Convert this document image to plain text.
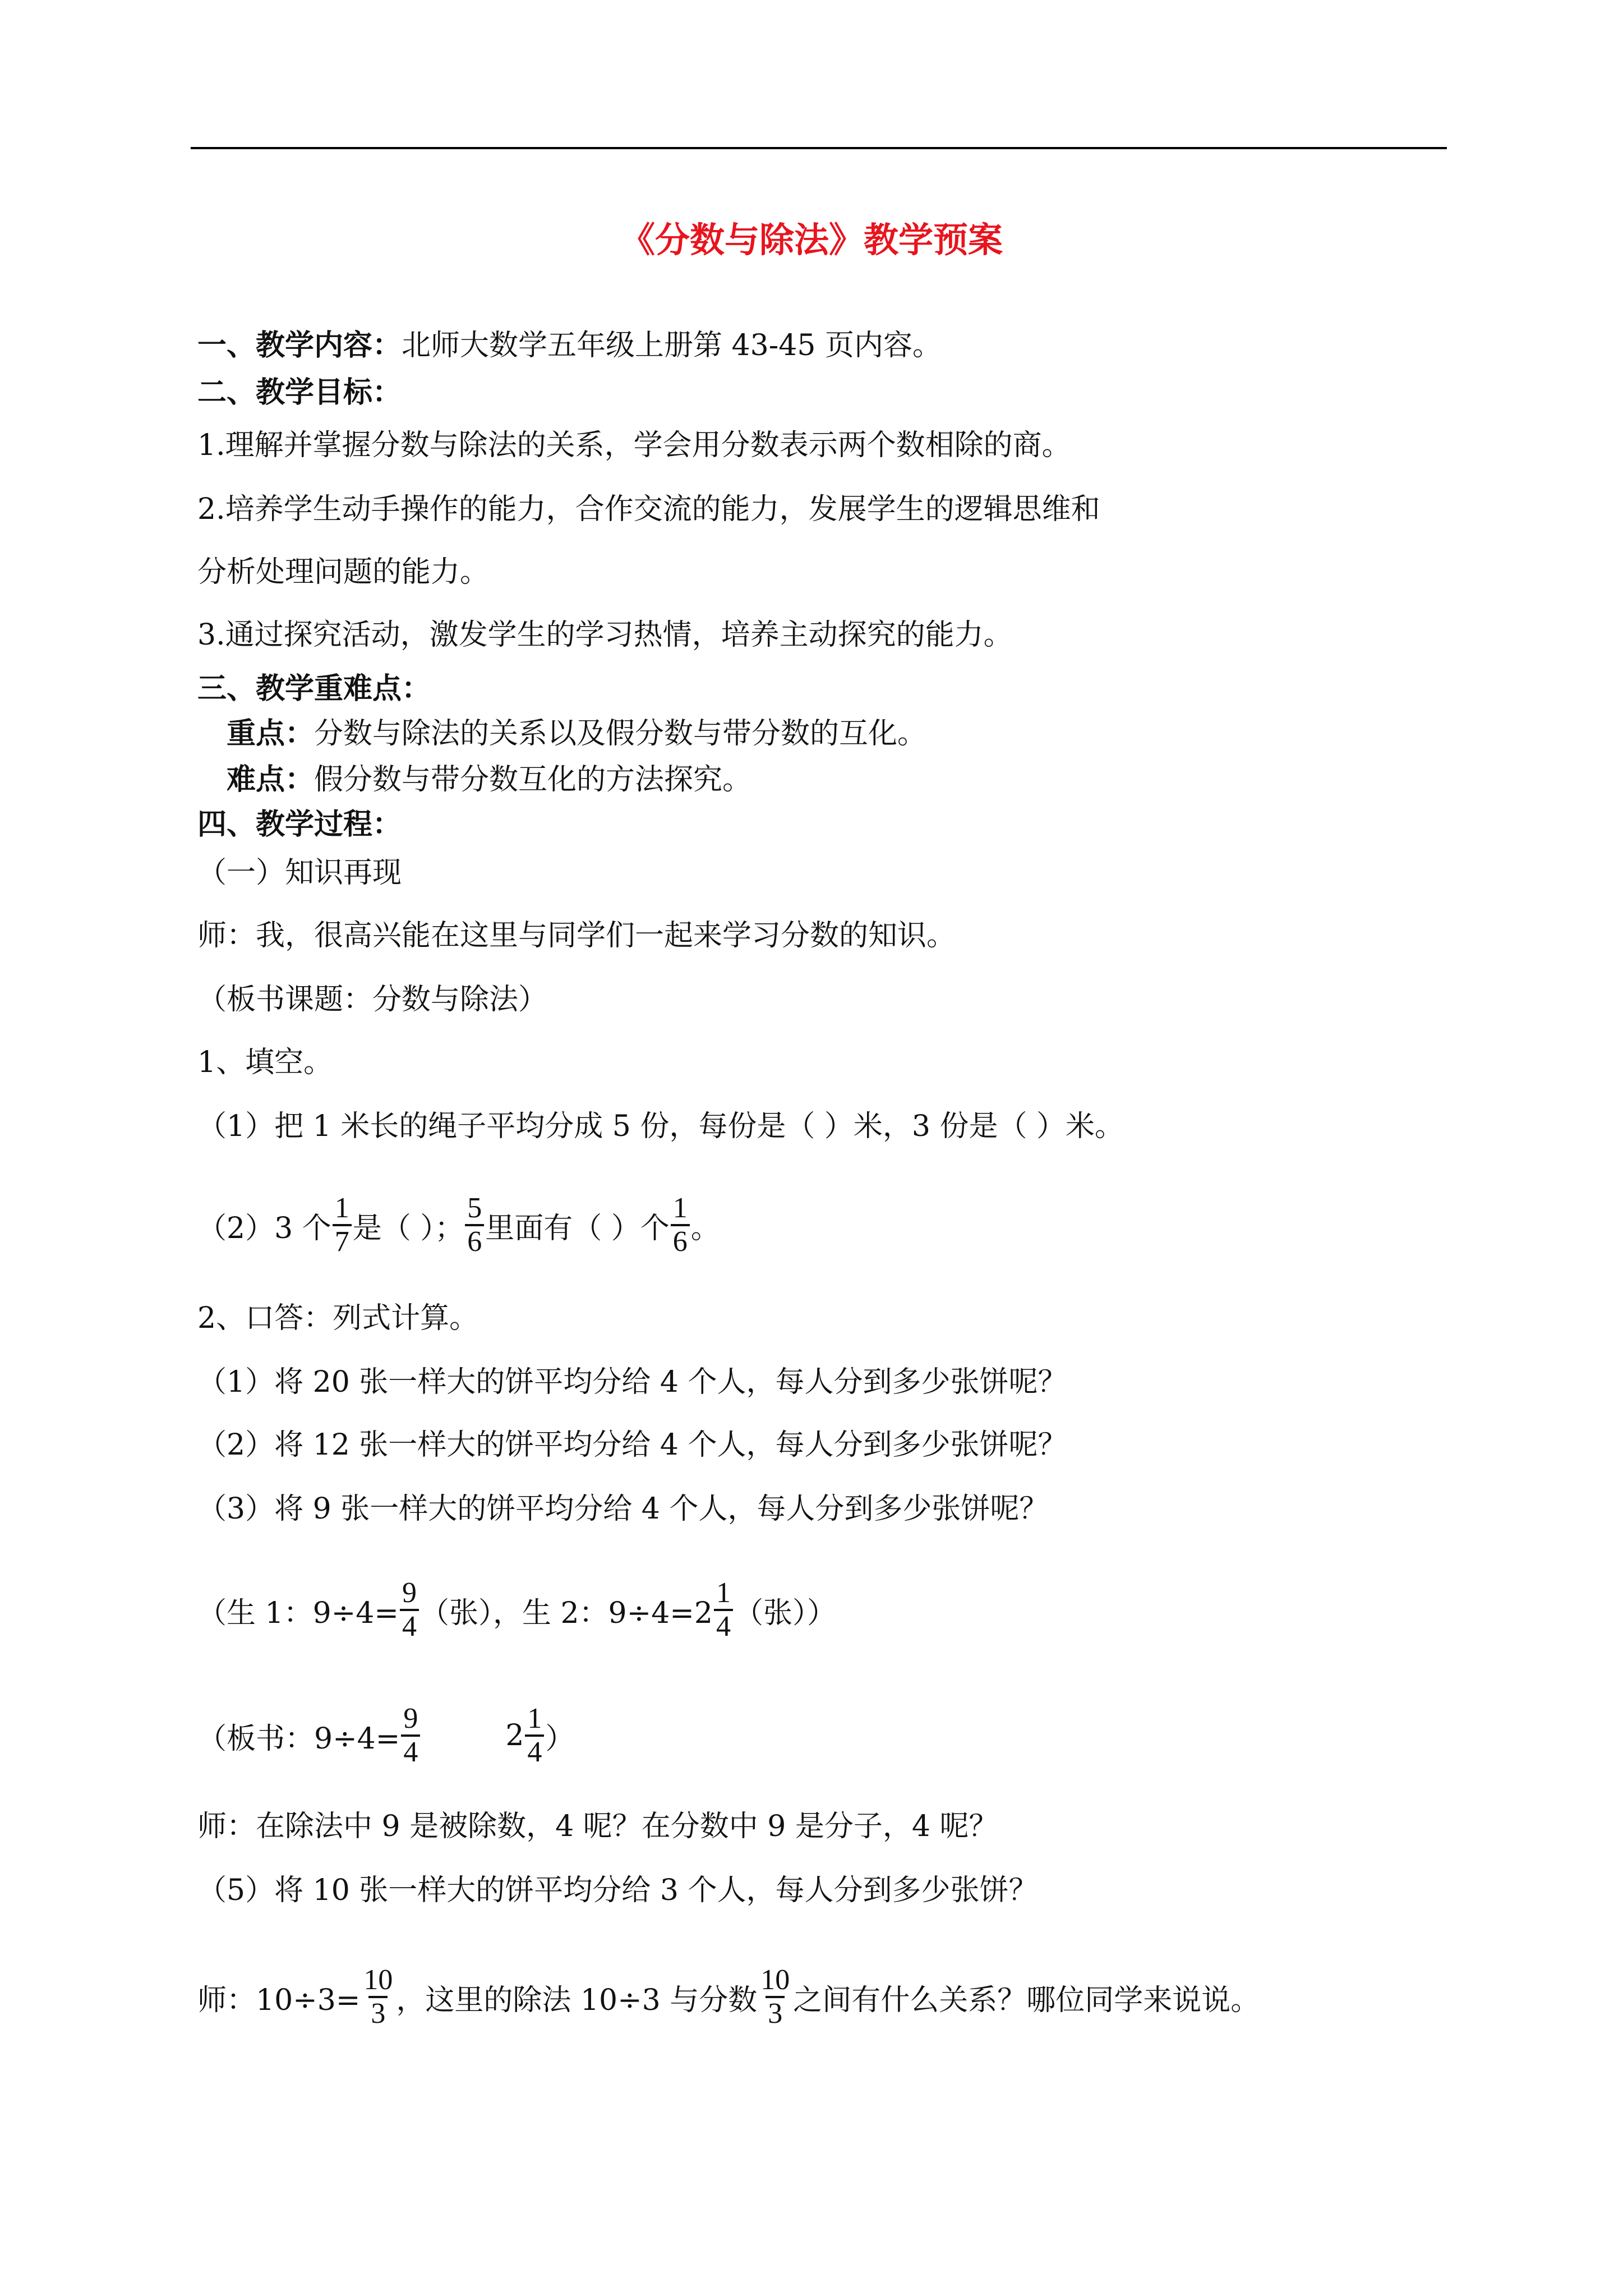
《分数与除法》教学预案
一、教学内容：北师大数学五年级上册第 43-45 页内容。
二、教学目标：
1.理解并掌握分数与除法的关系，学会用分数表示两个数相除的商。
2.培养学生动手操作的能力，合作交流的能力，发展学生的逻辑思维和
分析处理问题的能力。
3.通过探究活动，激发学生的学习热情，培养主动探究的能力。
三、教学重难点：
重点：分数与除法的关系以及假分数与带分数的互化。
难点：假分数与带分数互化的方法探究。
四、教学过程：
（一）知识再现
师：我，很高兴能在这里与同学们一起来学习分数的知识。
（板书课题：分数与除法）
1、填空。
（1）把 1 米长的绳子平均分成 5 份，每份是（ ）米，3 份是（ ）米。
（2）3 个 $\frac{1}{7}$ 是（ ）； $\frac{5}{6}$ 里面有（ ）个 $\frac{1}{6}$ 。
2、口答：列式计算。
（1）将 20 张一样大的饼平均分给 4 个人，每人分到多少张饼呢？
（2）将 12 张一样大的饼平均分给 4 个人，每人分到多少张饼呢？
（3）将 9 张一样大的饼平均分给 4 个人，每人分到多少张饼呢？
（生 1：$9\div 4= \frac{9}{4}$ （张），生 2：$9\div 4=2 \frac{1}{4}$ （张））
（板书：$9\div 4= \frac{9}{4}$	$2 \frac{1}{4}$ ）
师：在除法中 9 是被除数，4 呢？在分数中 9 是分子，4 呢？
（5）将 10 张一样大的饼平均分给 3 个人，每人分到多少张饼？
师：$10\div 3= \frac{10}{3}$ ，这里的除法 10÷3 与分数 $\frac{10}{3}$ 之间有什么关系？哪位同学来说说。
